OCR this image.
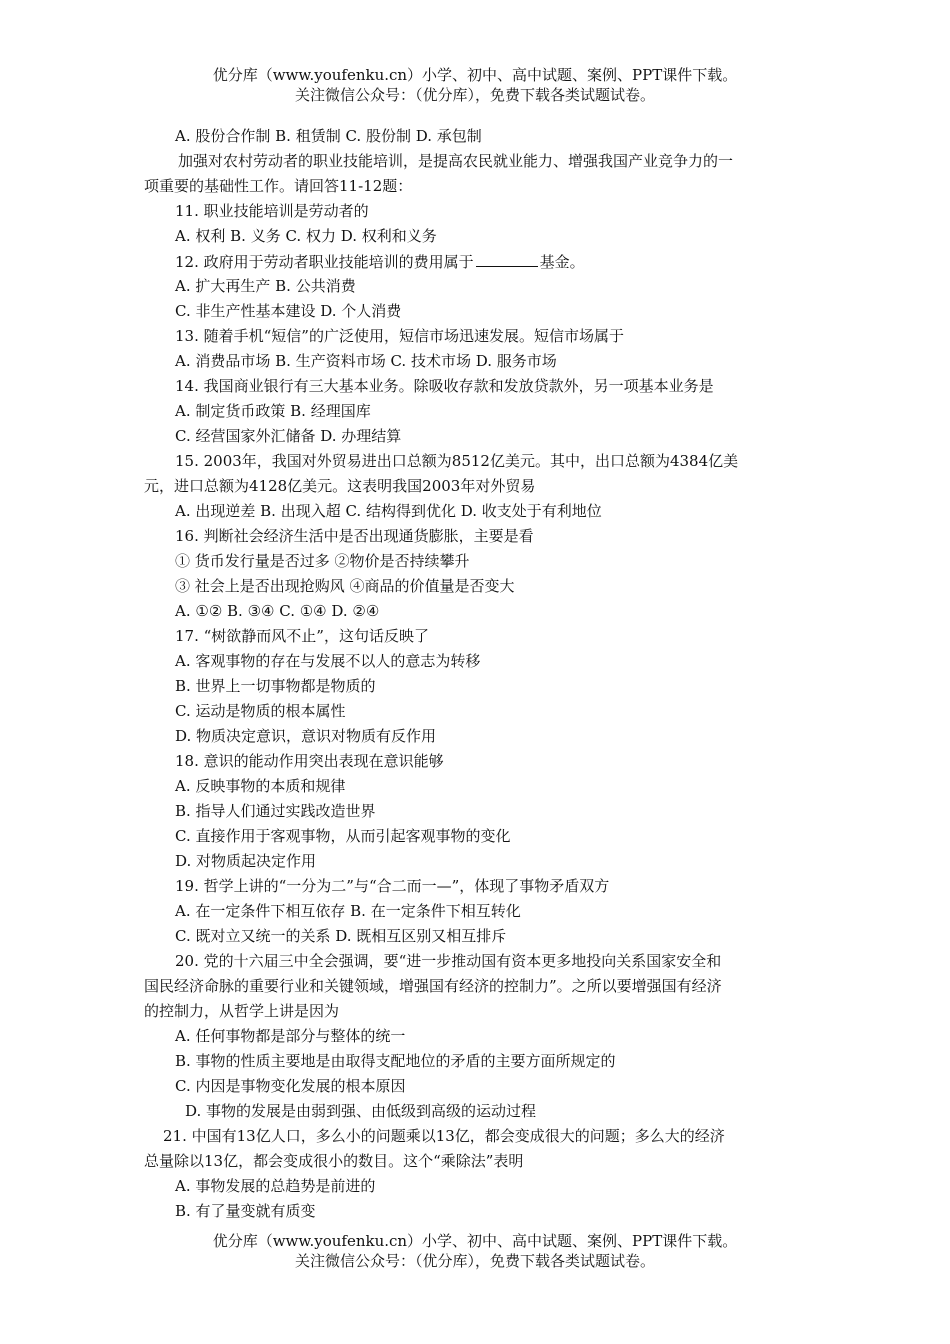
优分库（www.youfenku.cn）小学、初中、高中试题、案例、PPT课件下载。
关注微信公众号：（优分库），免费下载各类试题试卷。
A. 股份合作制 B. 租赁制 C. 股份制 D. 承包制
加强对农村劳动者的职业技能培训，是提高农民就业能力、增强我国产业竞争力的一
项重要的基础性工作。请回答11-12题：
11. 职业技能培训是劳动者的
A. 权利 B. 义务 C. 权力 D. 权利和义务
12. 政府用于劳动者职业技能培训的费用属于	基金。
A. 扩大再生产 B. 公共消费
C. 非生产性基本建设 D. 个人消费
13. 随着手机“短信”的广泛使用，短信市场迅速发展。短信市场属于
A. 消费品市场 B. 生产资料市场 C. 技术市场 D. 服务市场
14. 我国商业银行有三大基本业务。除吸收存款和发放贷款外，另一项基本业务是
A. 制定货币政策 B. 经理国库
C. 经营国家外汇储备 D. 办理结算
15. 2003年，我国对外贸易进出口总额为8512亿美元。其中，出口总额为4384亿美
元，进口总额为4128亿美元。这表明我国2003年对外贸易
A. 出现逆差 B. 出现入超 C. 结构得到优化 D. 收支处于有利地位
16. 判断社会经济生活中是否出现通货膨胀，主要是看
① 货币发行量是否过多 ②物价是否持续攀升
③ 社会上是否出现抢购风 ④商品的价值量是否变大
A. ①② B. ③④ C. ①④ D. ②④
17. “树欲静而风不止”，这句话反映了
A. 客观事物的存在与发展不以人的意志为转移
B. 世界上一切事物都是物质的
C. 运动是物质的根本属性
D. 物质决定意识，意识对物质有反作用
18. 意识的能动作用突出表现在意识能够
A. 反映事物的本质和规律
B. 指导人们通过实践改造世界
C. 直接作用于客观事物，从而引起客观事物的变化
D. 对物质起决定作用
19. 哲学上讲的“一分为二”与“合二而一—”，体现了事物矛盾双方
A. 在一定条件下相互依存 B. 在一定条件下相互转化
C. 既对立又统一的关系 D. 既相互区别又相互排斥
20. 党的十六届三中全会强调，要“进一步推动国有资本更多地投向关系国家安全和
国民经济命脉的重要行业和关键领域，增强国有经济的控制力”。之所以要增强国有经济
的控制力，从哲学上讲是因为
A. 任何事物都是部分与整体的统一
B. 事物的性质主要地是由取得支配地位的矛盾的主要方面所规定的
C. 内因是事物变化发展的根本原因
D. 事物的发展是由弱到强、由低级到高级的运动过程
21. 中国有13亿人口，多么小的问题乘以13亿，都会变成很大的问题；多么大的经济
总量除以13亿，都会变成很小的数目。这个“乘除法”表明
A. 事物发展的总趋势是前进的
B. 有了量变就有质变
优分库（www.youfenku.cn）小学、初中、高中试题、案例、PPT课件下载。
关注微信公众号：（优分库），免费下载各类试题试卷。
